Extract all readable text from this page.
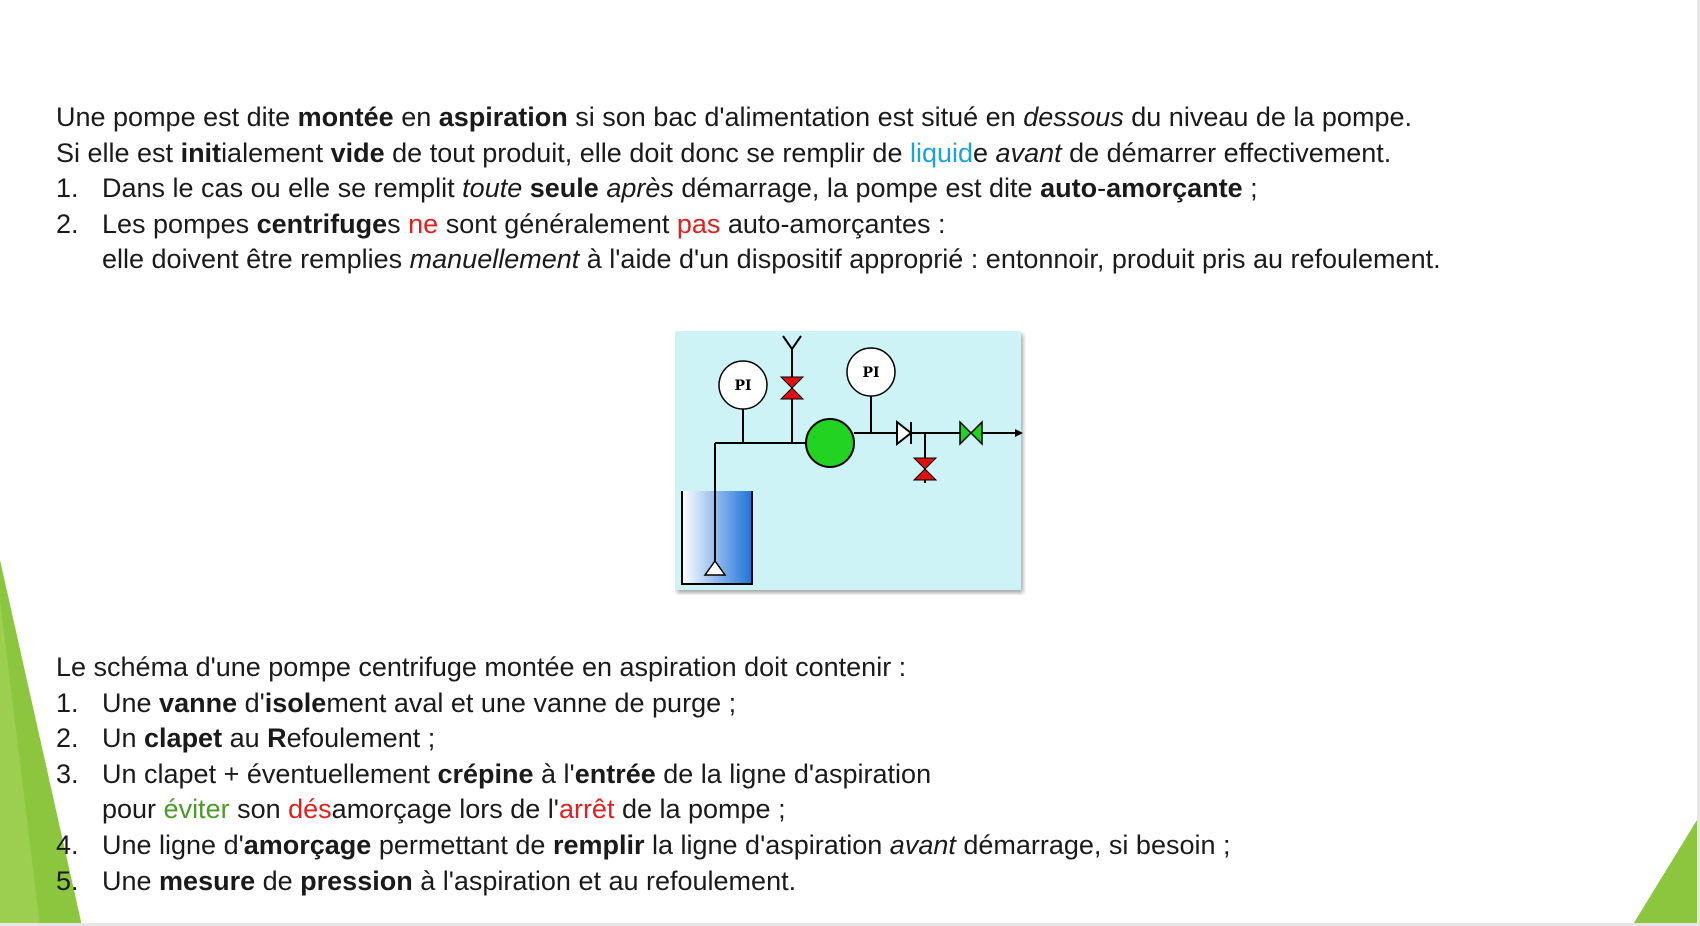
Une pompe est dite montée en aspiration si son bac d'alimentation est situé en dessous du niveau de la pompe.
Si elle est initialement vide de tout produit, elle doit donc se remplir de liquide avant de démarrer effectivement.
1. Dans le cas ou elle se remplit toute seule après démarrage, la pompe est dite auto-amorçante ;
2. Les pompes centrifuges ne sont généralement pas auto-amorçantes :
elle doivent être remplies manuellement à l'aide d'un dispositif approprié : entonnoir, produit pris au refoulement.
PI
PI
Le schéma d'une pompe centrifuge montée en aspiration doit contenir :
1. Une vanne d'isolement aval et une vanne de purge ;
2. Un clapet au Refoulement ;
3. Un clapet + éventuellement crépine à l'entrée de la ligne d'aspiration
pour éviter son désamorçage lors de l'arrêt de la pompe ;
4. Une ligne d'amorçage permettant de remplir la ligne d'aspiration avant démarrage, si besoin ;
5. Une mesure de pression à l'aspiration et au refoulement.
